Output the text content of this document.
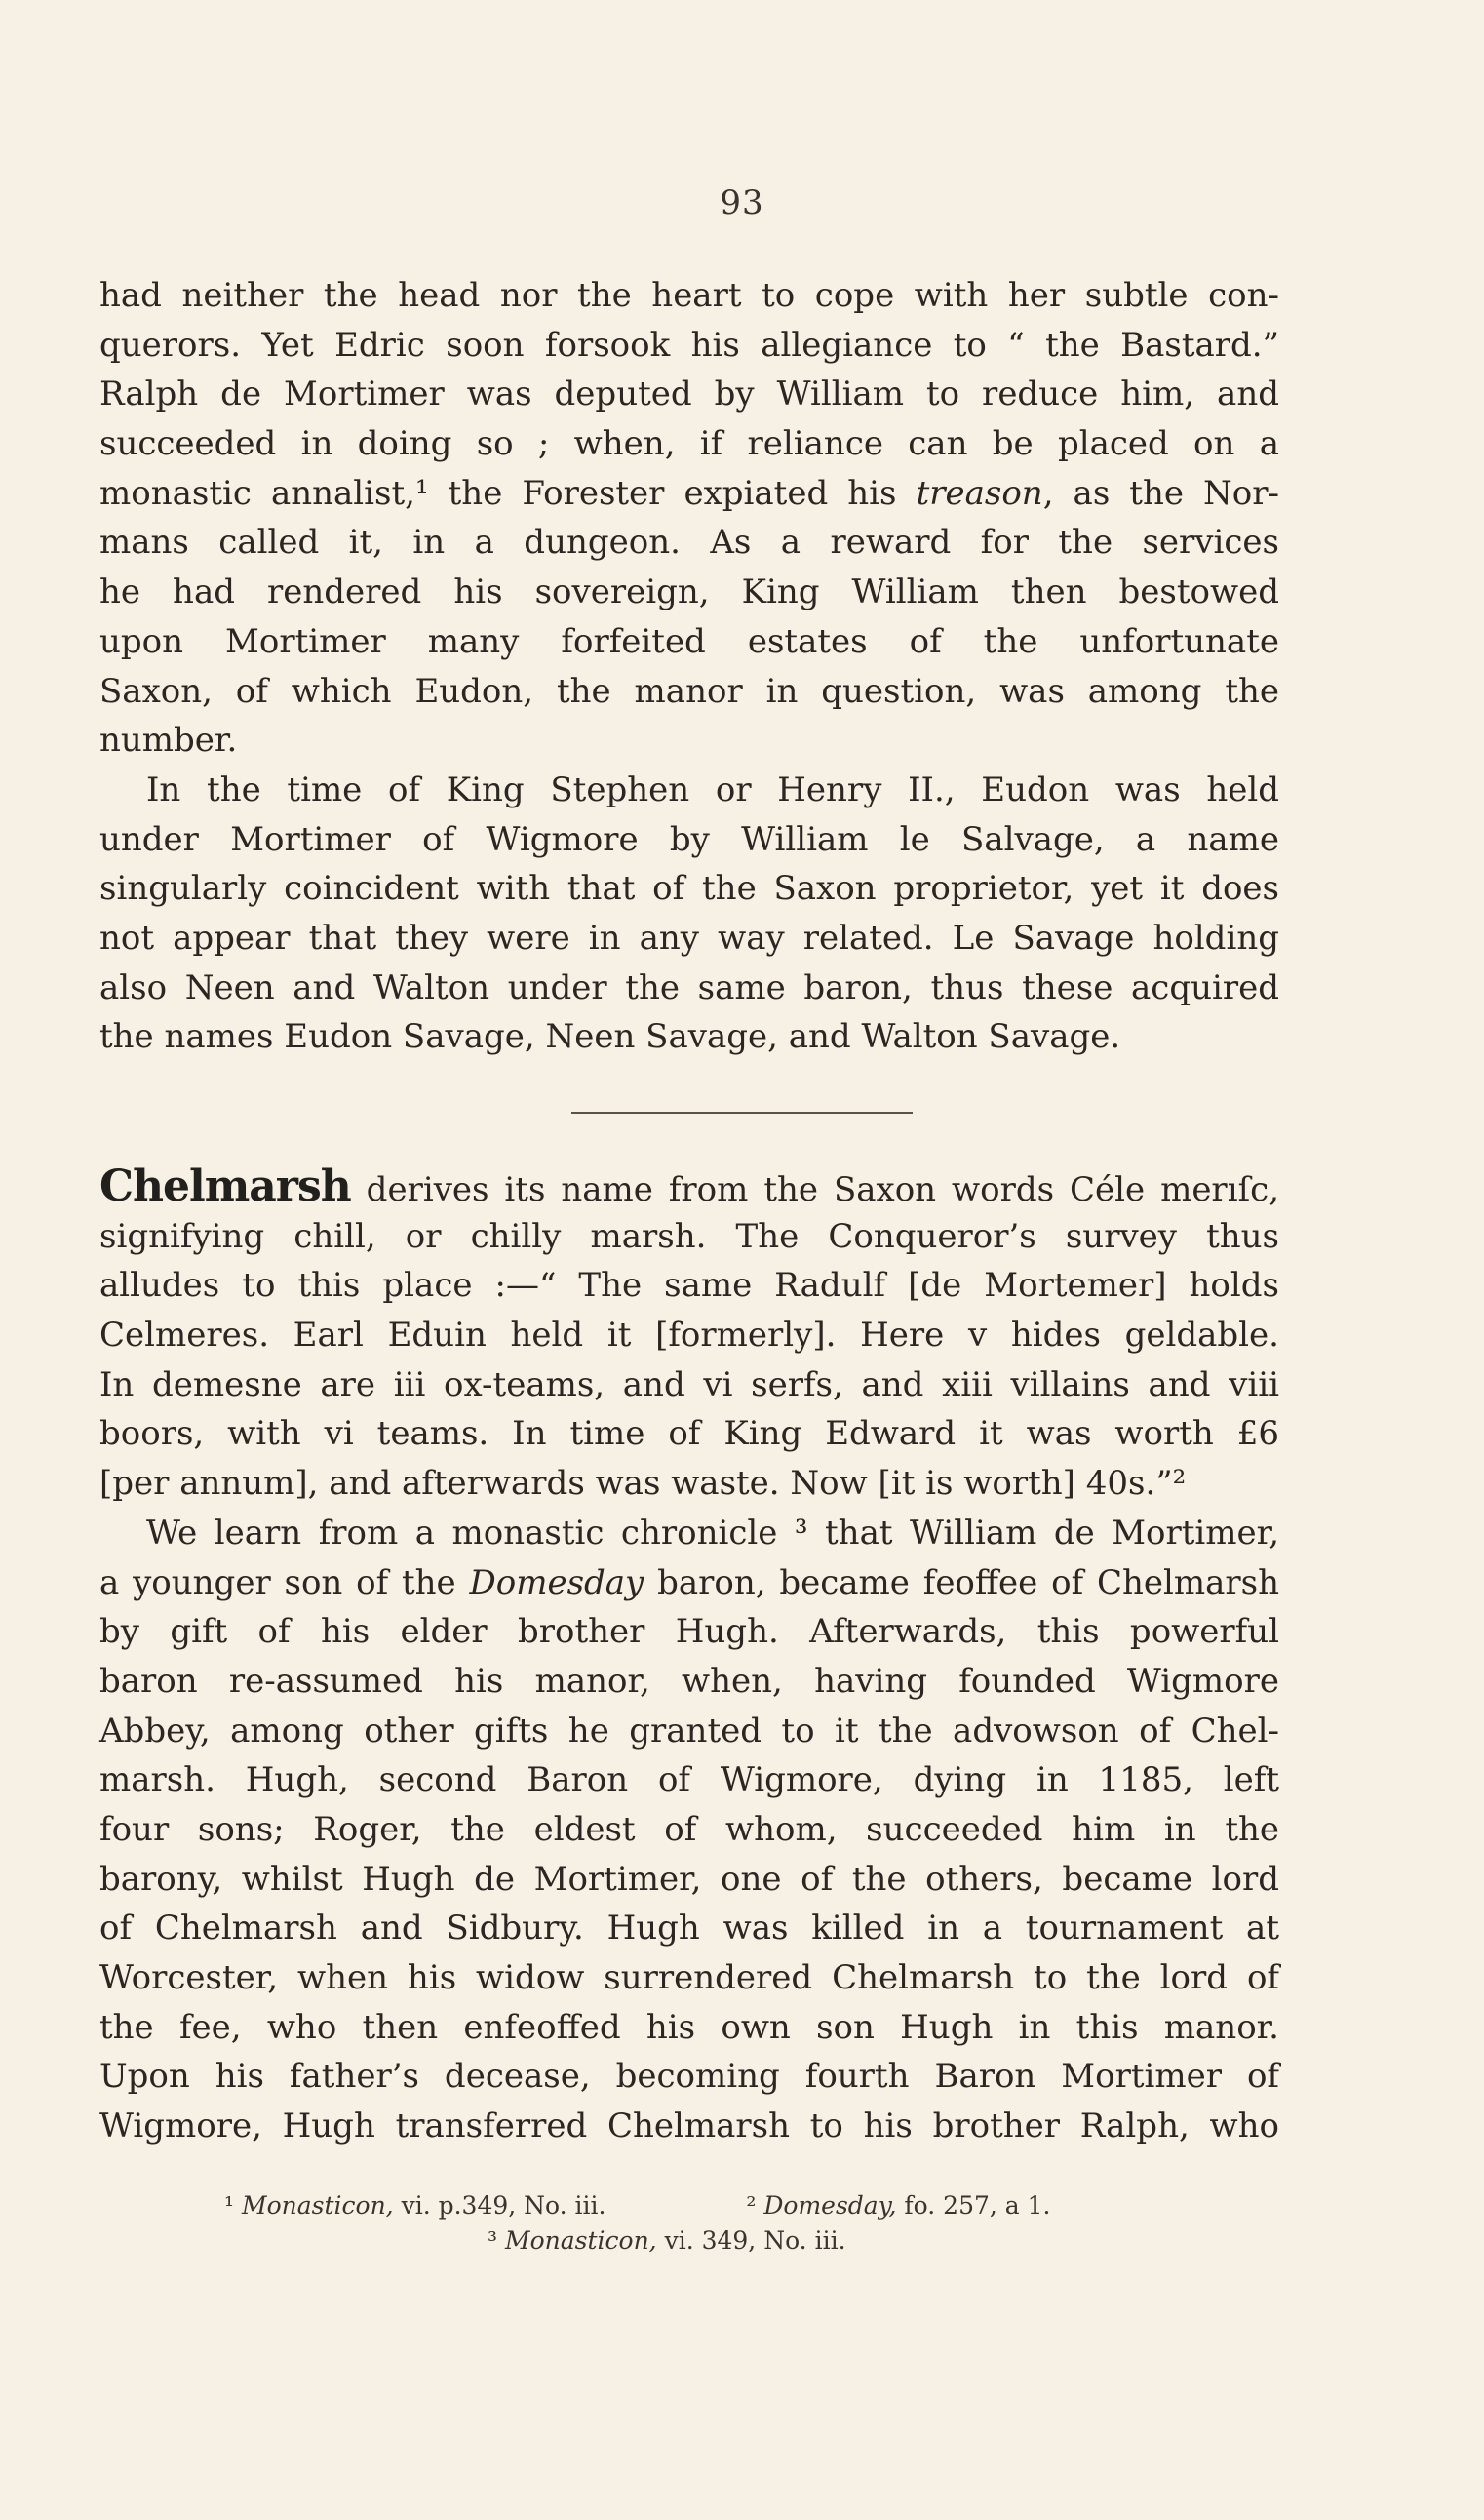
93
had neither the head nor the heart to cope with her subtle con-
querors. Yet Edric soon forsook his allegiance to “ the Bastard.”
Ralph de Mortimer was deputed by William to reduce him, and
succeeded in doing so ; when, if reliance can be placed on a
monastic annalist,¹ the Forester expiated his treason, as the Nor-
mans called it, in a dungeon. As a reward for the services
he had rendered his sovereign, King William then bestowed
upon Mortimer many forfeited estates of the unfortunate
Saxon, of which Eudon, the manor in question, was among the
number.
In the time of King Stephen or Henry II., Eudon was held
under Mortimer of Wigmore by William le Salvage, a name
singularly coincident with that of the Saxon proprietor, yet it does
not appear that they were in any way related. Le Savage holding
also Neen and Walton under the same baron, thus these acquired
the names Eudon Savage, Neen Savage, and Walton Savage.
Chelmarsh derives its name from the Saxon words Céle merıſc,
signifying chill, or chilly marsh. The Conqueror’s survey thus
alludes to this place :—“ The same Radulf [de Mortemer] holds
Celmeres. Earl Eduin held it [formerly]. Here v hides geldable.
In demesne are iii ox-teams, and vi serfs, and xiii villains and viii
boors, with vi teams. In time of King Edward it was worth £6
[per annum], and afterwards was waste. Now [it is worth] 40s.”²
We learn from a monastic chronicle ³ that William de Mortimer,
a younger son of the Domesday baron, became feoffee of Chelmarsh
by gift of his elder brother Hugh. Afterwards, this powerful
baron re-assumed his manor, when, having founded Wigmore
Abbey, among other gifts he granted to it the advowson of Chel-
marsh. Hugh, second Baron of Wigmore, dying in 1185, left
four sons; Roger, the eldest of whom, succeeded him in the
barony, whilst Hugh de Mortimer, one of the others, became lord
of Chelmarsh and Sidbury. Hugh was killed in a tournament at
Worcester, when his widow surrendered Chelmarsh to the lord of
the fee, who then enfeoffed his own son Hugh in this manor.
Upon his father’s decease, becoming fourth Baron Mortimer of
Wigmore, Hugh transferred Chelmarsh to his brother Ralph, who
¹ Monasticon, vi. p.349, No. iii.	² Domesday, fo. 257, a 1.
³ Monasticon, vi. 349, No. iii.
